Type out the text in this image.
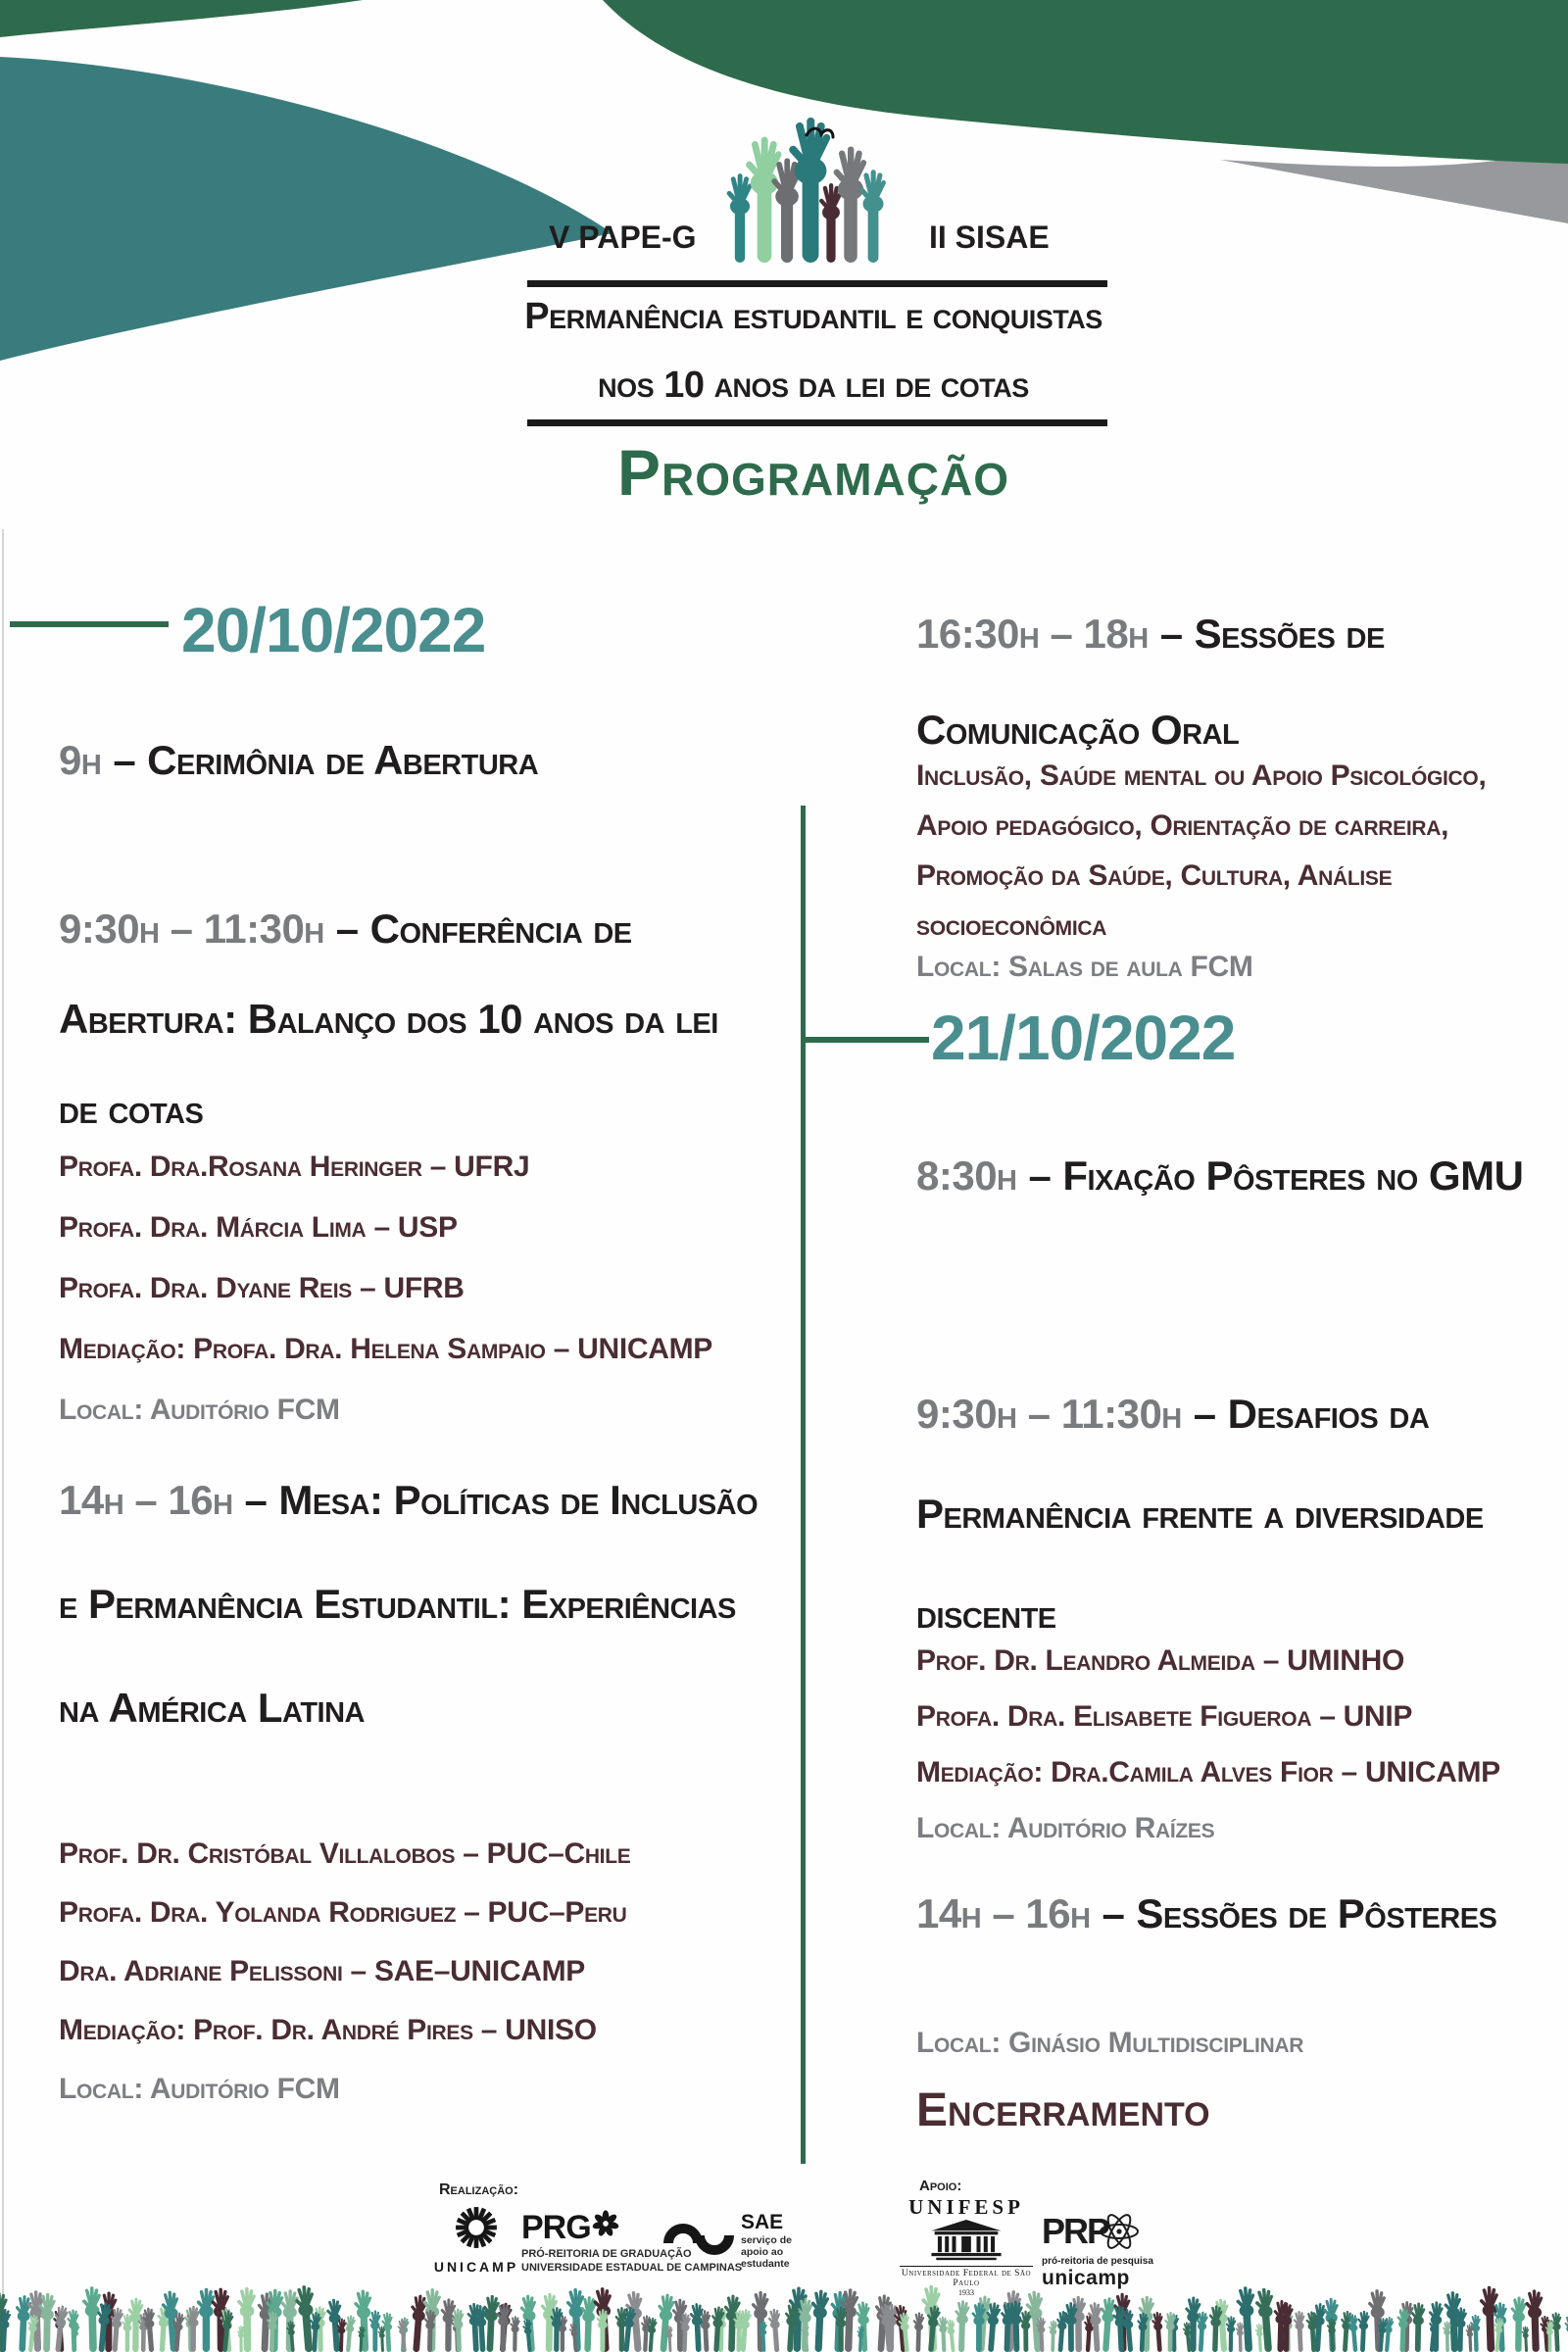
V PAPE-G	II SISAE
Permanência estudantil e conquistas
nos 10 anos da lei de cotas
Programação
20/10/2022

9h – Cerimônia de Abertura

9:30h – 11:30h – Conferência de Abertura: Balanço dos 10 anos da lei de cotas

Profa. Dra.Rosana Heringer – UFRJ
Profa. Dra. Márcia Lima – USP
Profa. Dra. Dyane Reis – UFRB
Mediação: Profa. Dra. Helena Sampaio – UNICAMP
Local: Auditório FCM

14h – 16h – Mesa: Políticas de Inclusão e Permanência Estudantil: Experiências na América Latina

Prof. Dr. Cristóbal Villalobos – PUC–Chile
Profa. Dra. Yolanda Rodriguez – PUC–Peru
Dra. Adriane Pelissoni – SAE–UNICAMP
Mediação: Prof. Dr. André Pires – UNISO
Local: Auditório FCM

16:30h – 18h – Sessões de Comunicação Oral

Inclusão, Saúde mental ou Apoio Psicológico, Apoio pedagógico, Orientação de carreira, Promoção da Saúde, Cultura, Análise socioeconômica
Local: Salas de aula FCM
21/10/2022

8:30h – Fixação Pôsteres no GMU

9:30h – 11:30h – Desafios da Permanência frente a diversidade discente

Prof. Dr. Leandro Almeida – UMINHO
Profa. Dra. Elisabete Figueroa – UNIP
Mediação: Dra.Camila Alves Fior – UNICAMP
Local: Auditório Raízes

14h – 16h – Sessões de Pôsteres

Local: Ginásio Multidisciplinar
Encerramento
Realização:
UNICAMP
PRG
PRÓ-REITORIA DE GRADUAÇÃO
UNIVERSIDADE ESTADUAL DE CAMPINAS
SAE
serviço de
apoio ao
estudante
Apoio:
UNIFESP
Universidade Federal de São Paulo
1933
PRP
pró-reitoria de pesquisa
unicamp
